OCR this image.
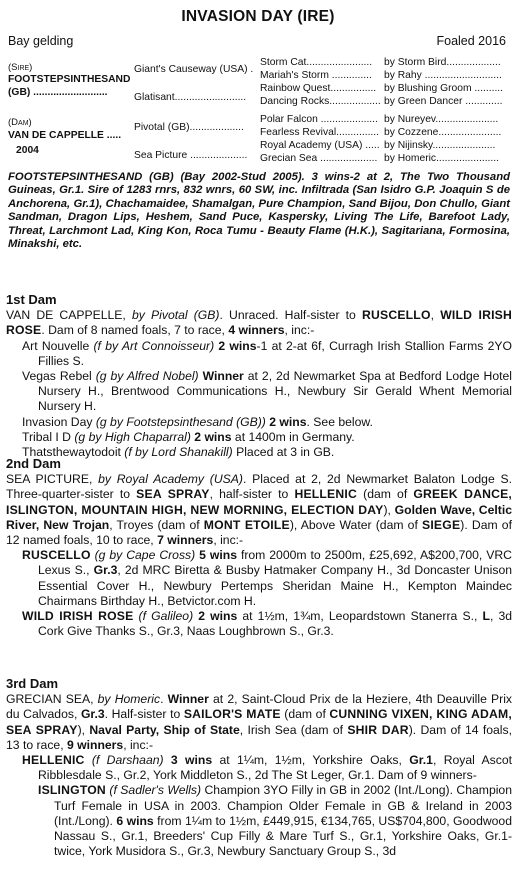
INVASION DAY (IRE)
Bay gelding	Foaled 2016
(Sire)
FOOTSTEPSINTHESAND
(GB) ..........................
(Dam)
VAN DE CAPPELLE .....
2004
Giant's Causeway (USA) .
Glatisant.........................
Pivotal (GB)...................
Sea Picture ....................
Storm Cat....................... by Storm Bird...................
Mariah's Storm .............. by Rahy ...........................
Rainbow Quest................ by Blushing Groom ..........
Dancing Rocks.................. by Green Dancer .............
Polar Falcon .................... by Nureyev......................
Fearless Revival............... by Cozzene......................
Royal Academy (USA) ..... by Nijinsky......................
Grecian Sea .................... by Homeric......................
FOOTSTEPSINTHESAND (GB) (Bay 2002-Stud 2005). 3 wins-2 at 2, The Two Thousand Guineas, Gr.1. Sire of 1283 rnrs, 832 wnrs, 60 SW, inc. Infiltrada (San Isidro G.P. Joaquin S de Anchorena, Gr.1), Chachamaidee, Shamalgan, Pure Champion, Sand Bijou, Don Chullo, Giant Sandman, Dragon Lips, Heshem, Sand Puce, Kaspersky, Living The Life, Barefoot Lady, Threat, Larchmont Lad, King Kon, Roca Tumu - Beauty Flame (H.K.), Sagitariana, Formosina, Minakshi, etc.
1st Dam
VAN DE CAPPELLE, by Pivotal (GB). Unraced. Half-sister to RUSCELLO, WILD IRISH ROSE. Dam of 8 named foals, 7 to race, 4 winners, inc:-
Art Nouvelle (f by Art Connoisseur) 2 wins-1 at 2-at 6f, Curragh Irish Stallion Farms 2YO Fillies S.
Vegas Rebel (g by Alfred Nobel) Winner at 2, 2d Newmarket Spa at Bedford Lodge Hotel Nursery H., Brentwood Communications H., Newbury Sir Gerald Whent Memorial Nursery H.
Invasion Day (g by Footstepsinthesand (GB)) 2 wins. See below.
Tribal I D (g by High Chaparral) 2 wins at 1400m in Germany.
Thatsthewaytodoit (f by Lord Shanakill) Placed at 3 in GB.
2nd Dam
SEA PICTURE, by Royal Academy (USA). Placed at 2, 2d Newmarket Balaton Lodge S. Three-quarter-sister to SEA SPRAY, half-sister to HELLENIC (dam of GREEK DANCE, ISLINGTON, MOUNTAIN HIGH, NEW MORNING, ELECTION DAY), Golden Wave, Celtic River, New Trojan, Troyes (dam of MONT ETOILE), Above Water (dam of SIEGE). Dam of 12 named foals, 10 to race, 7 winners, inc:-
RUSCELLO (g by Cape Cross) 5 wins from 2000m to 2500m, £25,692, A$200,700, VRC Lexus S., Gr.3, 2d MRC Biretta & Busby Hatmaker Company H., 3d Doncaster Unison Essential Cover H., Newbury Pertemps Sheridan Maine H., Kempton Maindec Chairmans Birthday H., Betvictor.com H.
WILD IRISH ROSE (f Galileo) 2 wins at 1½m, 1¾m, Leopardstown Stanerra S., L, 3d Cork Give Thanks S., Gr.3, Naas Loughbrown S., Gr.3.
3rd Dam
GRECIAN SEA, by Homeric. Winner at 2, Saint-Cloud Prix de la Heziere, 4th Deauville Prix du Calvados, Gr.3. Half-sister to SAILOR'S MATE (dam of CUNNING VIXEN, KING ADAM, SEA SPRAY), Naval Party, Ship of State, Irish Sea (dam of SHIR DAR). Dam of 14 foals, 13 to race, 9 winners, inc:-
HELLENIC (f Darshaan) 3 wins at 1¼m, 1½m, Yorkshire Oaks, Gr.1, Royal Ascot Ribblesdale S., Gr.2, York Middleton S., 2d The St Leger, Gr.1. Dam of 9 winners-
ISLINGTON (f Sadler's Wells) Champion 3YO Filly in GB in 2002 (Int./Long). Champion Turf Female in USA in 2003. Champion Older Female in GB & Ireland in 2003 (Int./Long). 6 wins from 1¼m to 1½m, £449,915, €134,765, US$704,800, Goodwood Nassau S., Gr.1, Breeders' Cup Filly & Mare Turf S., Gr.1, Yorkshire Oaks, Gr.1-twice, York Musidora S., Gr.3, Newbury Sanctuary Group S., 3d
